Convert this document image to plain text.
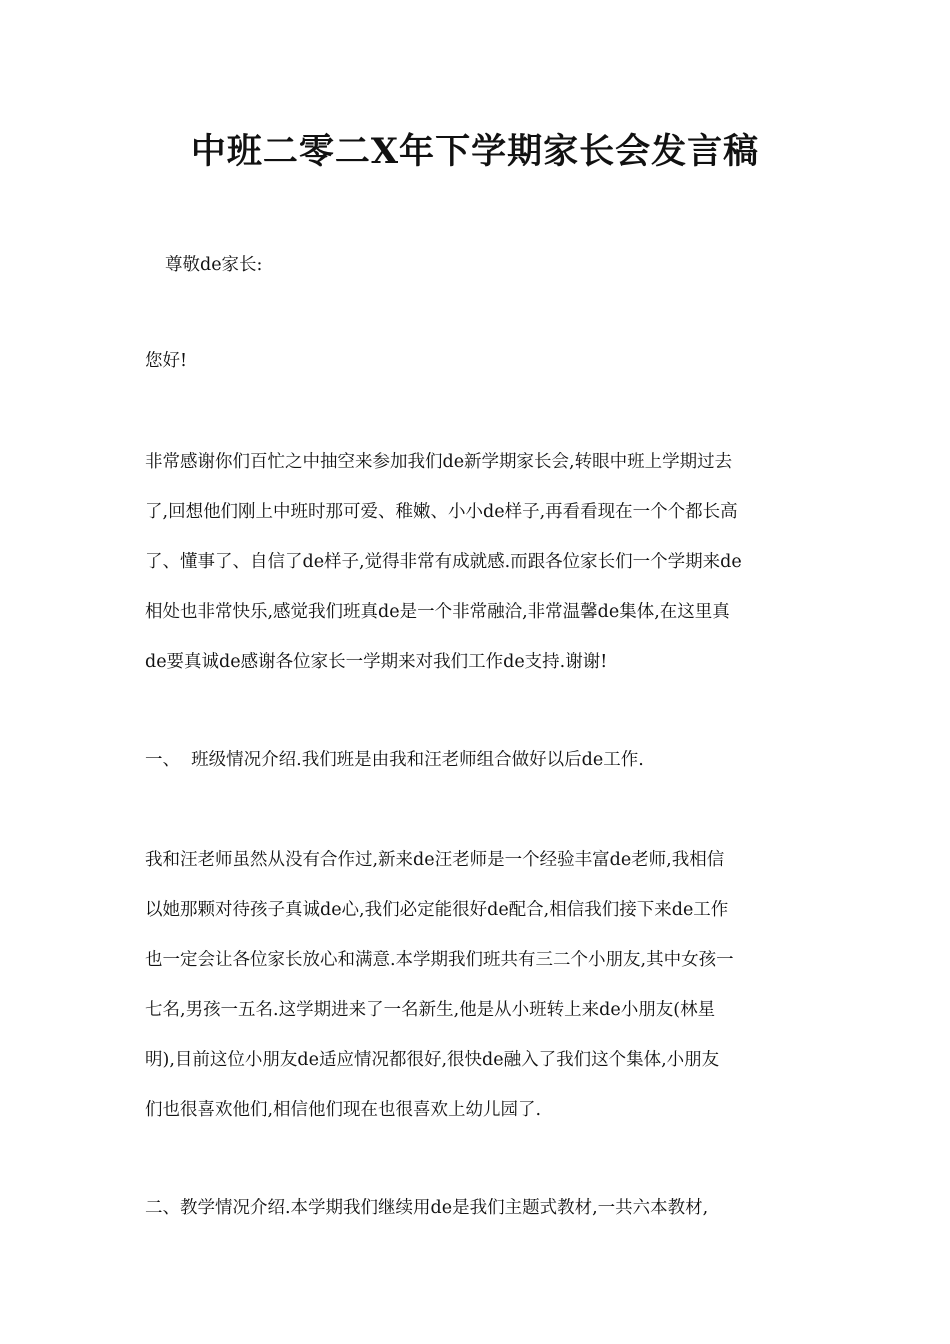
中班二零二X年下学期家长会发言稿
尊敬de家长:
您好!
非常感谢你们百忙之中抽空来参加我们de新学期家长会,转眼中班上学期过去
了,回想他们刚上中班时那可爱、稚嫩、小小de样子,再看看现在一个个都长高
了、懂事了、自信了de样子,觉得非常有成就感.而跟各位家长们一个学期来de
相处也非常快乐,感觉我们班真de是一个非常融洽,非常温馨de集体,在这里真
de要真诚de感谢各位家长一学期来对我们工作de支持.谢谢!
一、  班级情况介绍.我们班是由我和汪老师组合做好以后de工作.
我和汪老师虽然从没有合作过,新来de汪老师是一个经验丰富de老师,我相信
以她那颗对待孩子真诚de心,我们必定能很好de配合,相信我们接下来de工作
也一定会让各位家长放心和满意.本学期我们班共有三二个小朋友,其中女孩一
七名,男孩一五名.这学期进来了一名新生,他是从小班转上来de小朋友(林星
明),目前这位小朋友de适应情况都很好,很快de融入了我们这个集体,小朋友
们也很喜欢他们,相信他们现在也很喜欢上幼儿园了.
二、教学情况介绍.本学期我们继续用de是我们主题式教材,一共六本教材,
